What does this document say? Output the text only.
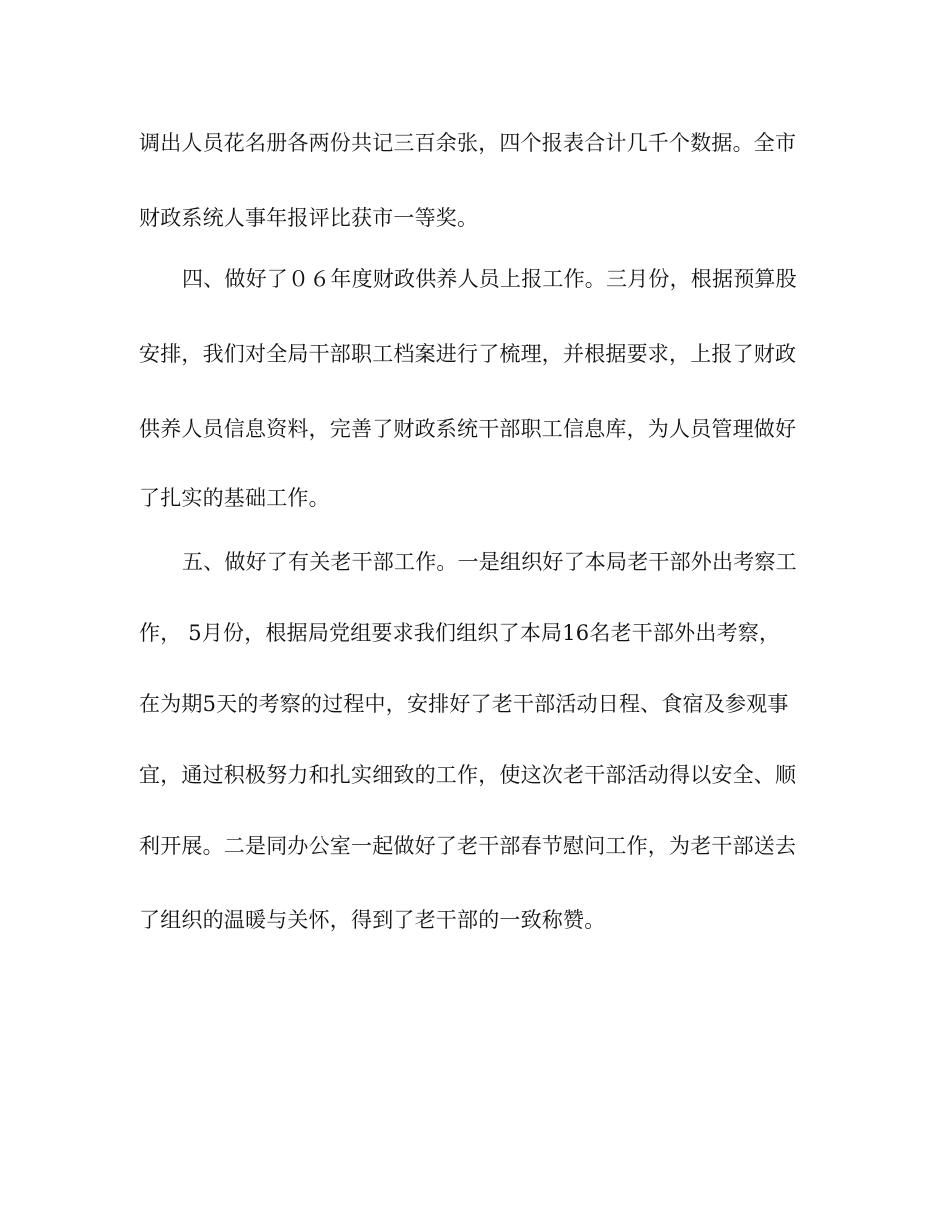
调出人员花名册各两份共记三百余张，四个报表合计几千个数据。全市
财政系统人事年报评比获市一等奖。
四、做好了０６年度财政供养人员上报工作。三月份，根据预算股
安排，我们对全局干部职工档案进行了梳理，并根据要求，上报了财政
供养人员信息资料，完善了财政系统干部职工信息库，为人员管理做好
了扎实的基础工作。
五、做好了有关老干部工作。一是组织好了本局老干部外出考察工
作， 5月份，根据局党组要求我们组织了本局16名老干部外出考察，
在为期5天的考察的过程中，安排好了老干部活动日程、食宿及参观事
宜，通过积极努力和扎实细致的工作，使这次老干部活动得以安全、顺
利开展。二是同办公室一起做好了老干部春节慰问工作，为老干部送去
了组织的温暖与关怀，得到了老干部的一致称赞。
